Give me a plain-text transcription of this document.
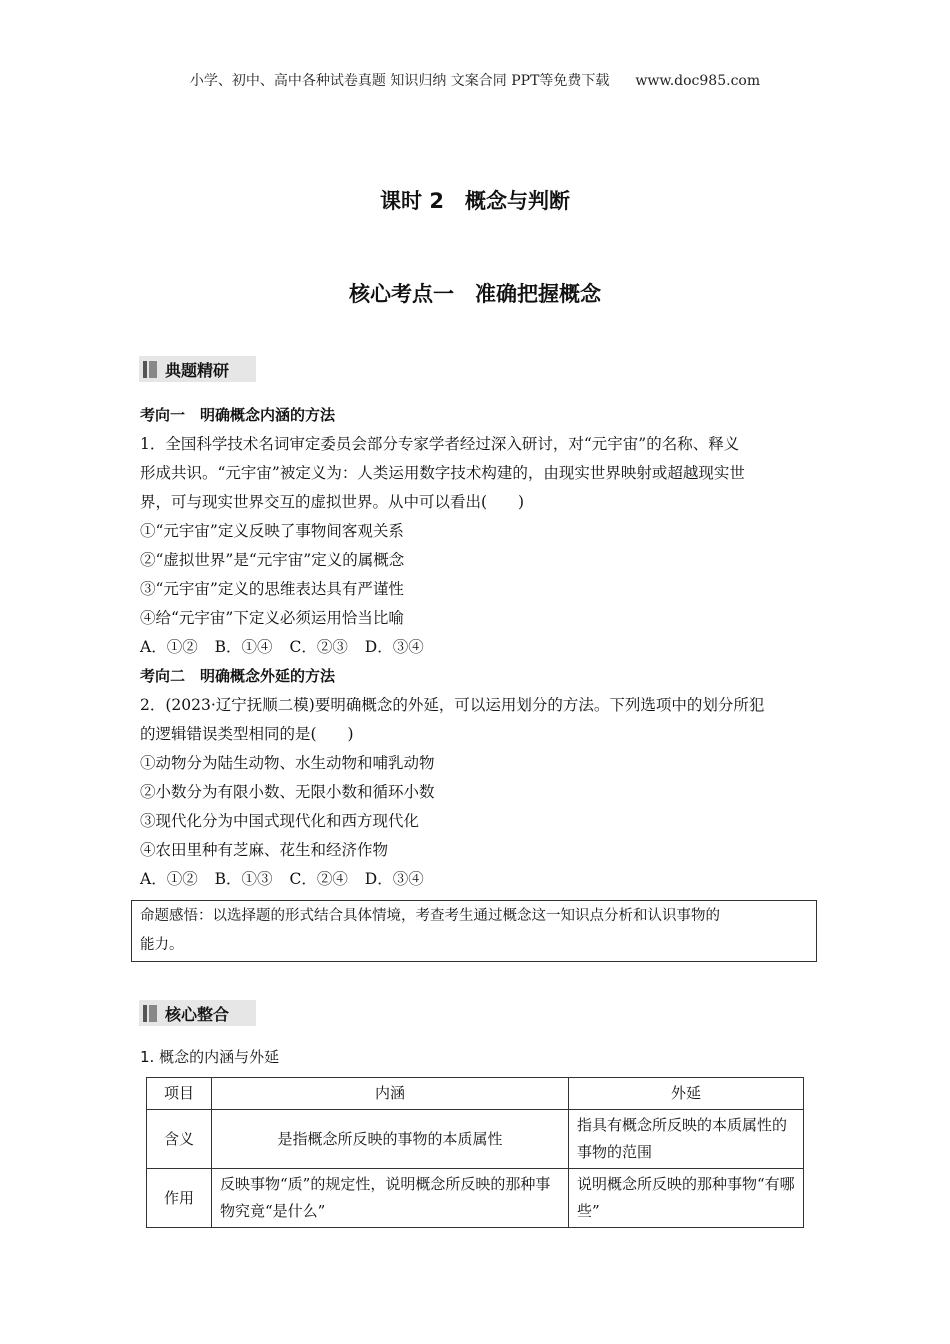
小学、初中、高中各种试卷真题 知识归纳 文案合同 PPT等免费下载 www.doc985.com
课时 2　概念与判断
核心考点一　准确把握概念
典题精研
考向一　明确概念内涵的方法
1．全国科学技术名词审定委员会部分专家学者经过深入研讨，对“元宇宙”的名称、释义
形成共识。“元宇宙”被定义为：人类运用数字技术构建的，由现实世界映射或超越现实世
界，可与现实世界交互的虚拟世界。从中可以看出(　　)
①“元宇宙”定义反映了事物间客观关系
②“虚拟世界”是“元宇宙”定义的属概念
③“元宇宙”定义的思维表达具有严谨性
④给“元宇宙”下定义必须运用恰当比喻
A．①② B．①④ C．②③ D．③④
考向二　明确概念外延的方法
2．(2023·辽宁抚顺二模)要明确概念的外延，可以运用划分的方法。下列选项中的划分所犯
的逻辑错误类型相同的是(　　)
①动物分为陆生动物、水生动物和哺乳动物
②小数分为有限小数、无限小数和循环小数
③现代化分为中国式现代化和西方现代化
④农田里种有芝麻、花生和经济作物
A．①② B．①③ C．②④ D．③④
命题感悟：以选择题的形式结合具体情境，考查考生通过概念这一知识点分析和认识事物的
能力。
核心整合
1. 概念的内涵与外延
项目	内涵	外延
含义	是指概念所反映的事物的本质属性	指具有概念所反映的本质属性的事物的范围
作用	反映事物“质”的规定性，说明概念所反映的那种事物究竟“是什么”	说明概念所反映的那种事物“有哪些”
